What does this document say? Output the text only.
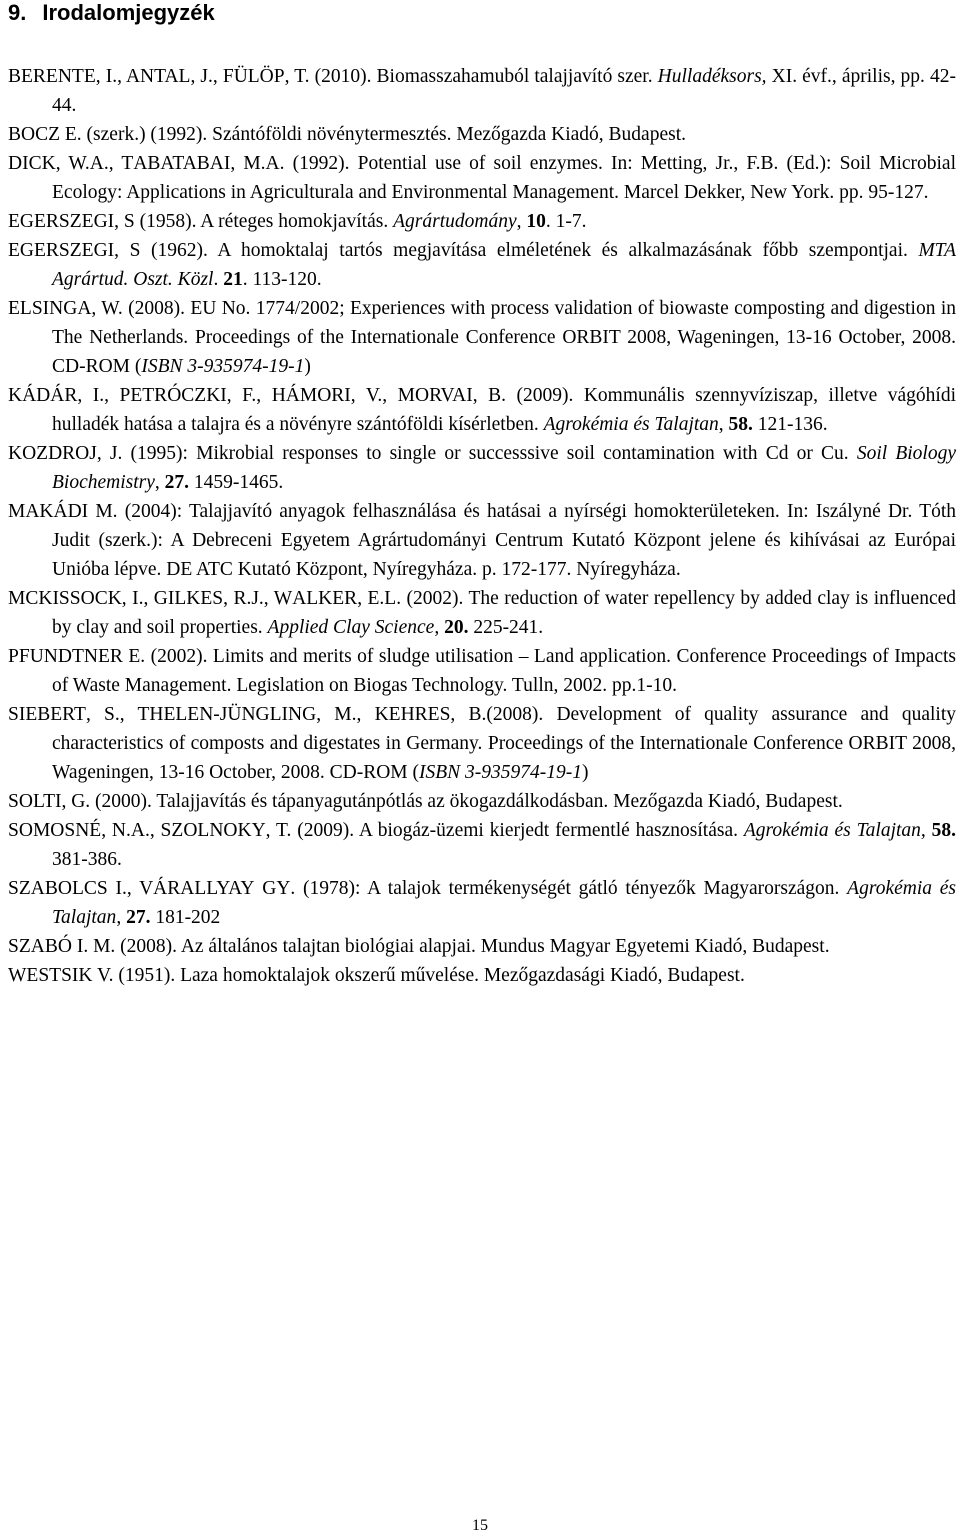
9. Irodalomjegyzék
BERENTE, I., ANTAL, J., FÜLÖP, T. (2010). Biomasszahamuból talajjavító szer. Hulladéksors, XI. évf., április, pp. 42-44.
BOCZ E. (szerk.) (1992). Szántóföldi növénytermesztés. Mezőgazda Kiadó, Budapest.
DICK, W.A., TABATABAI, M.A. (1992). Potential use of soil enzymes. In: Metting, Jr., F.B. (Ed.): Soil Microbial Ecology: Applications in Agriculturala and Environmental Management. Marcel Dekker, New York. pp. 95-127.
EGERSZEGI, S (1958). A réteges homokjavítás. Agrártudomány, 10. 1-7.
EGERSZEGI, S (1962). A homoktalaj tartós megjavítása elméletének és alkalmazásának főbb szempontjai. MTA Agrártud. Oszt. Közl. 21. 113-120.
ELSINGA, W. (2008). EU No. 1774/2002; Experiences with process validation of biowaste composting and digestion in The Netherlands. Proceedings of the Internationale Conference ORBIT 2008, Wageningen, 13-16 October, 2008. CD-ROM (ISBN 3-935974-19-1)
KÁDÁR, I., PETRÓCZKI, F., HÁMORI, V., MORVAI, B. (2009). Kommunális szennyvíziszap, illetve vágóhídi hulladék hatása a talajra és a növényre szántóföldi kísérletben. Agrokémia és Talajtan, 58. 121-136.
KOZDROJ, J. (1995): Mikrobial responses to single or successsive soil contamination with Cd or Cu. Soil Biology Biochemistry, 27. 1459-1465.
MAKÁDI M. (2004): Talajjavító anyagok felhasználása és hatásai a nyírségi homokterületeken. In: Iszályné Dr. Tóth Judit (szerk.): A Debreceni Egyetem Agrártudományi Centrum Kutató Központ jelene és kihívásai az Európai Unióba lépve. DE ATC Kutató Központ, Nyíregyháza. p. 172-177. Nyíregyháza.
MCKISSOCK, I., GILKES, R.J., WALKER, E.L. (2002). The reduction of water repellency by added clay is influenced by clay and soil properties. Applied Clay Science, 20. 225-241.
PFUNDTNER E. (2002). Limits and merits of sludge utilisation – Land application. Conference Proceedings of Impacts of Waste Management. Legislation on Biogas Technology. Tulln, 2002. pp.1-10.
SIEBERT, S., THELEN-JÜNGLING, M., KEHRES, B.(2008). Development of quality assurance and quality characteristics of composts and digestates in Germany. Proceedings of the Internationale Conference ORBIT 2008, Wageningen, 13-16 October, 2008. CD-ROM (ISBN 3-935974-19-1)
SOLTI, G. (2000). Talajjavítás és tápanyagutánpótlás az ökogazdálkodásban. Mezőgazda Kiadó, Budapest.
SOMOSNÉ, N.A., SZOLNOKY, T. (2009). A biogáz-üzemi kierjedt fermentlé hasznosítása. Agrokémia és Talajtan, 58. 381-386.
SZABOLCS I., VÁRALLYAY GY. (1978): A talajok termékenységét gátló tényezők Magyarországon. Agrokémia és Talajtan, 27. 181-202
SZABÓ I. M. (2008). Az általános talajtan biológiai alapjai. Mundus Magyar Egyetemi Kiadó, Budapest.
WESTSIK V. (1951). Laza homoktalajok okszerű művelése. Mezőgazdasági Kiadó, Budapest.
15
